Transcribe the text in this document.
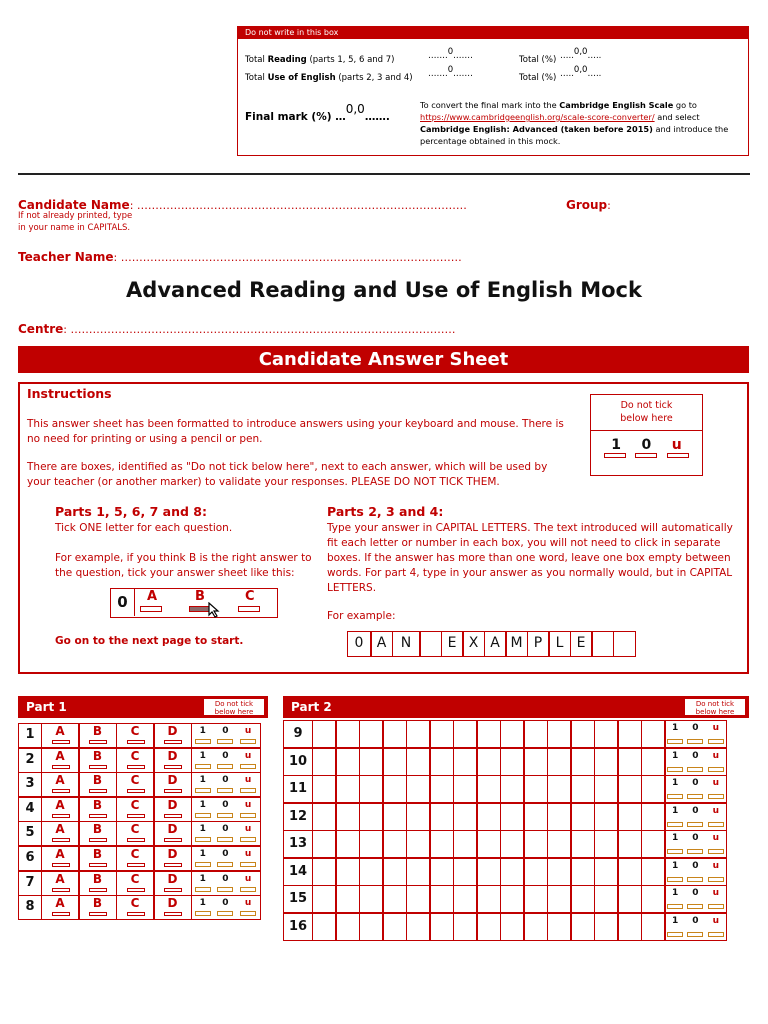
Do not write in this box
Total Reading (parts 1, 5, 6 and 7)	…….0.……	Total (%) …..0,0…..
Total Use of English (parts 2, 3 and 4) …….0.……	Total (%) …..0,0…..
Final mark (%) …0,0…….
To convert the final mark into the Cambridge English Scale go to
https://www.cambridgeenglish.org/scale-score-converter/ and select
Cambridge English: Advanced (taken before 2015) and introduce the
percentage obtained in this mock.
Candidate Name: ………………………………………………………………………………
If not already printed, type
in your name in CAPITALS.
Group:
Teacher Name: …………………………………………………………………………………
Advanced Reading and Use of English Mock
Centre: ……………………………………………………………………………………………
Candidate Answer Sheet
Instructions
This answer sheet has been formatted to introduce answers using your keyboard and mouse. There is
no need for printing or using a pencil or pen.
There are boxes, identified as "Do not tick below here", next to each answer, which will be used by
your teacher (or another marker) to validate your responses. PLEASE DO NOT TICK THEM.
Do not tick
below here
1 0 u
Parts 1, 5, 6, 7 and 8:
Tick ONE letter for each question.
For example, if you think B is the right answer to
the question, tick your answer sheet like this:
0	A	B	C
Go on to the next page to start.
Parts 2, 3 and 4:
Type your answer in CAPITAL LETTERS. The text introduced will automatically
fit each letter or number in each box, you will not need to click in separate
boxes. If the answer has more than one word, leave one box empty between
words. For part 4, type in your answer as you normally would, but in CAPITAL
LETTERS.
For example:
0 A	N	E X A M P L E
Part 1	Do not tick below here
1	A	B	C	D	1 0 u
2	A	B	C	D	1 0 u
3	A	B	C	D	1 0 u
4	A	B	C	D	1 0 u
5	A	B	C	D	1 0 u
6	A	B	C	D	1 0 u
7	A	B	C	D	1 0 u
8	A	B	C	D	1 0 u
Part 2	Do not tick below here
9	1 0 u
10	1 0 u
11	1 0 u
12	1 0 u
13	1 0 u
14	1 0 u
15	1 0 u
16	1 0 u
